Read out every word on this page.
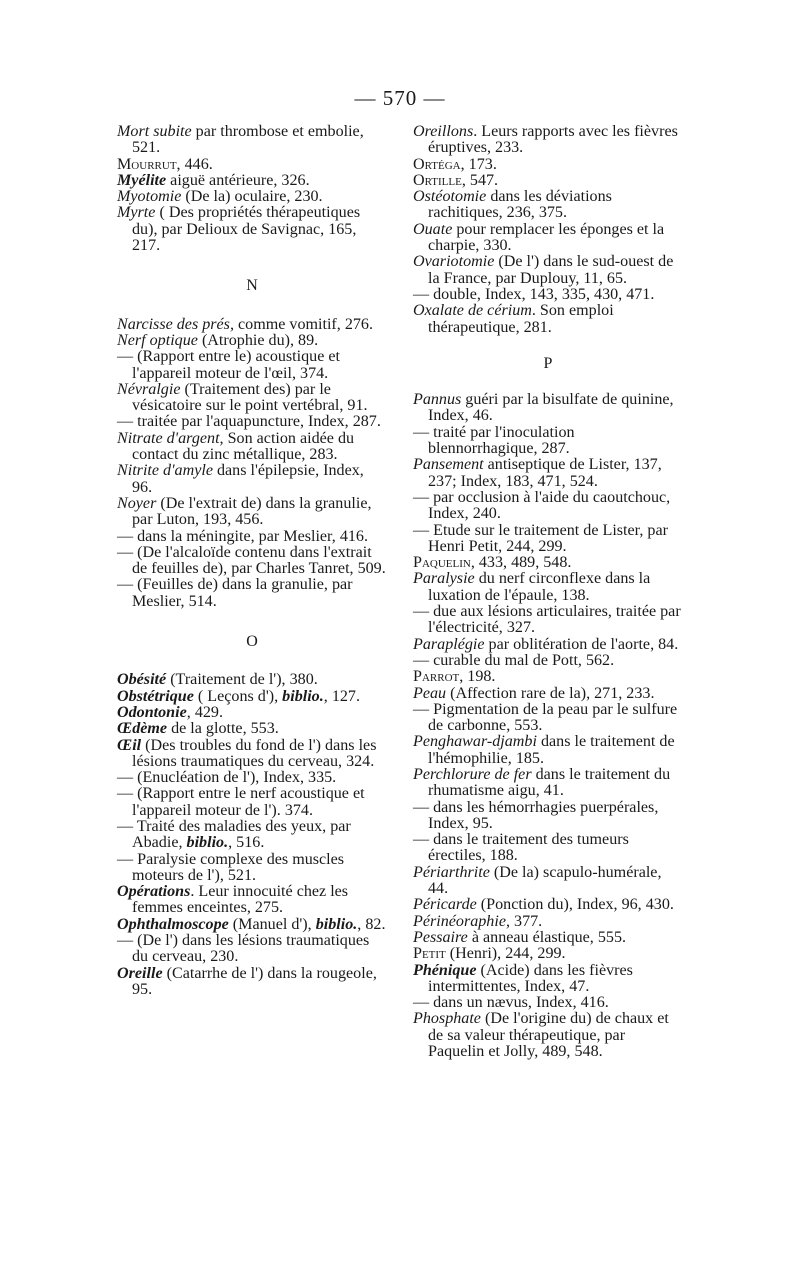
— 570 —
Mort subite par thrombose et embolie, 521.
Mourrut, 446.
Myélite aiguë antérieure, 326.
Myotomie (De la) oculaire, 230.
Myrte ( Des propriétés thérapeutiques du), par Delioux de Savignac, 165, 217.
N
Narcisse des prés, comme vomitif, 276.
Nerf optique (Atrophie du), 89.
— (Rapport entre le) acoustique et l'appareil moteur de l'œil, 374.
Névralgie (Traitement des) par le vésicatoire sur le point vertébral, 91.
— traitée par l'aquapuncture, Index, 287.
Nitrate d'argent, Son action aidée du contact du zinc métallique, 283.
Nitrite d'amyle dans l'épilepsie, Index, 96.
Noyer (De l'extrait de) dans la granulie, par Luton, 193, 456.
— dans la méningite, par Meslier, 416.
— (De l'alcaloïde contenu dans l'extrait de feuilles de), par Charles Tanret, 509.
— (Feuilles de) dans la granulie, par Meslier, 514.
O
Obésité (Traitement de l'), 380.
Obstétrique ( Leçons d'), biblio., 127.
Odontonie, 429.
Œdème de la glotte, 553.
Œil (Des troubles du fond de l') dans les lésions traumatiques du cerveau, 324.
— (Enucléation de l'), Index, 335.
— (Rapport entre le nerf acoustique et l'appareil moteur de l'). 374.
— Traité des maladies des yeux, par Abadie, biblio., 516.
— Paralysie complexe des muscles moteurs de l'), 521.
Opérations. Leur innocuité chez les femmes enceintes, 275.
Ophthalmoscope (Manuel d'), biblio., 82.
— (De l') dans les lésions traumatiques du cerveau, 230.
Oreille (Catarrhe de l') dans la rougeole, 95.
Oreillons. Leurs rapports avec les fièvres éruptives, 233.
Ortéga, 173.
Ortille, 547.
Ostéotomie dans les déviations rachitiques, 236, 375.
Ouate pour remplacer les éponges et la charpie, 330.
Ovariotomie (De l') dans le sud-ouest de la France, par Duplouy, 11, 65.
— double, Index, 143, 335, 430, 471.
Oxalate de cérium. Son emploi thérapeutique, 281.
P
Pannus guéri par la bisulfate de quinine, Index, 46.
— traité par l'inoculation blennorrhagique, 287.
Pansement antiseptique de Lister, 137, 237; Index, 183, 471, 524.
— par occlusion à l'aide du caoutchouc, Index, 240.
— Etude sur le traitement de Lister, par Henri Petit, 244, 299.
Paquelin, 433, 489, 548.
Paralysie du nerf circonflexe dans la luxation de l'épaule, 138.
— due aux lésions articulaires, traitée par l'électricité, 327.
Paraplégie par oblitération de l'aorte, 84.
— curable du mal de Pott, 562.
Parrot, 198.
Peau (Affection rare de la), 271, 233.
— Pigmentation de la peau par le sulfure de carbonne, 553.
Penghawar-djambi dans le traitement de l'hémophilie, 185.
Perchlorure de fer dans le traitement du rhumatisme aigu, 41.
— dans les hémorrhagies puerpérales, Index, 95.
— dans le traitement des tumeurs érectiles, 188.
Périarthrite (De la) scapulo-humérale, 44.
Péricarde (Ponction du), Index, 96, 430.
Périnéoraphie, 377.
Pessaire à anneau élastique, 555.
Petit (Henri), 244, 299.
Phénique (Acide) dans les fièvres intermittentes, Index, 47.
— dans un nævus, Index, 416.
Phosphate (De l'origine du) de chaux et de sa valeur thérapeutique, par Paquelin et Jolly, 489, 548.
